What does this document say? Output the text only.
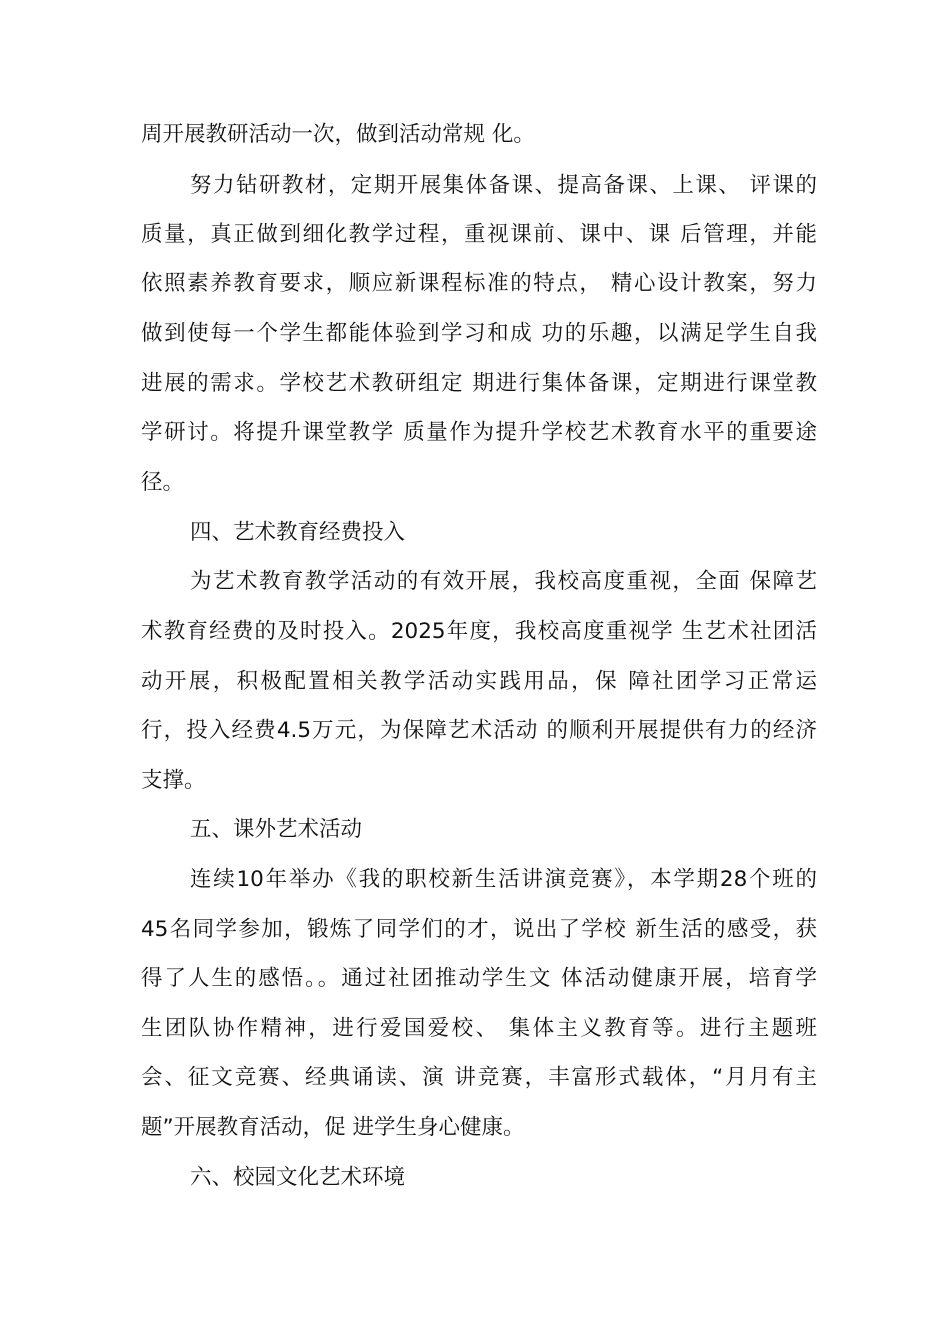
周开展教研活动一次，做到活动常规 化。
努力钻研教材，定期开展集体备课、提高备课、上课、 评课的
质量，真正做到细化教学过程，重视课前、课中、课 后管理，并能
依照素养教育要求，顺应新课程标准的特点， 精心设计教案，努力
做到使每一个学生都能体验到学习和成 功的乐趣，以满足学生自我
进展的需求。学校艺术教研组定 期进行集体备课，定期进行课堂教
学研讨。将提升课堂教学 质量作为提升学校艺术教育水平的重要途
径。
四、艺术教育经费投入
为艺术教育教学活动的有效开展，我校高度重视，全面 保障艺
术教育经费的及时投入。2025年度，我校高度重视学 生艺术社团活
动开展，积极配置相关教学活动实践用品，保 障社团学习正常运
行，投入经费4.5万元，为保障艺术活动 的顺利开展提供有力的经济
支撑。
五、课外艺术活动
连续10年举办《我的职校新生活讲演竞赛》，本学期28个班的
45名同学参加，锻炼了同学们的才，说出了学校 新生活的感受，获
得了人生的感悟。。通过社团推动学生文 体活动健康开展，培育学
生团队协作精神，进行爱国爱校、 集体主义教育等。进行主题班
会、征文竞赛、经典诵读、演 讲竞赛，丰富形式载体，“月月有主
题”开展教育活动，促 进学生身心健康。
六、校园文化艺术环境
